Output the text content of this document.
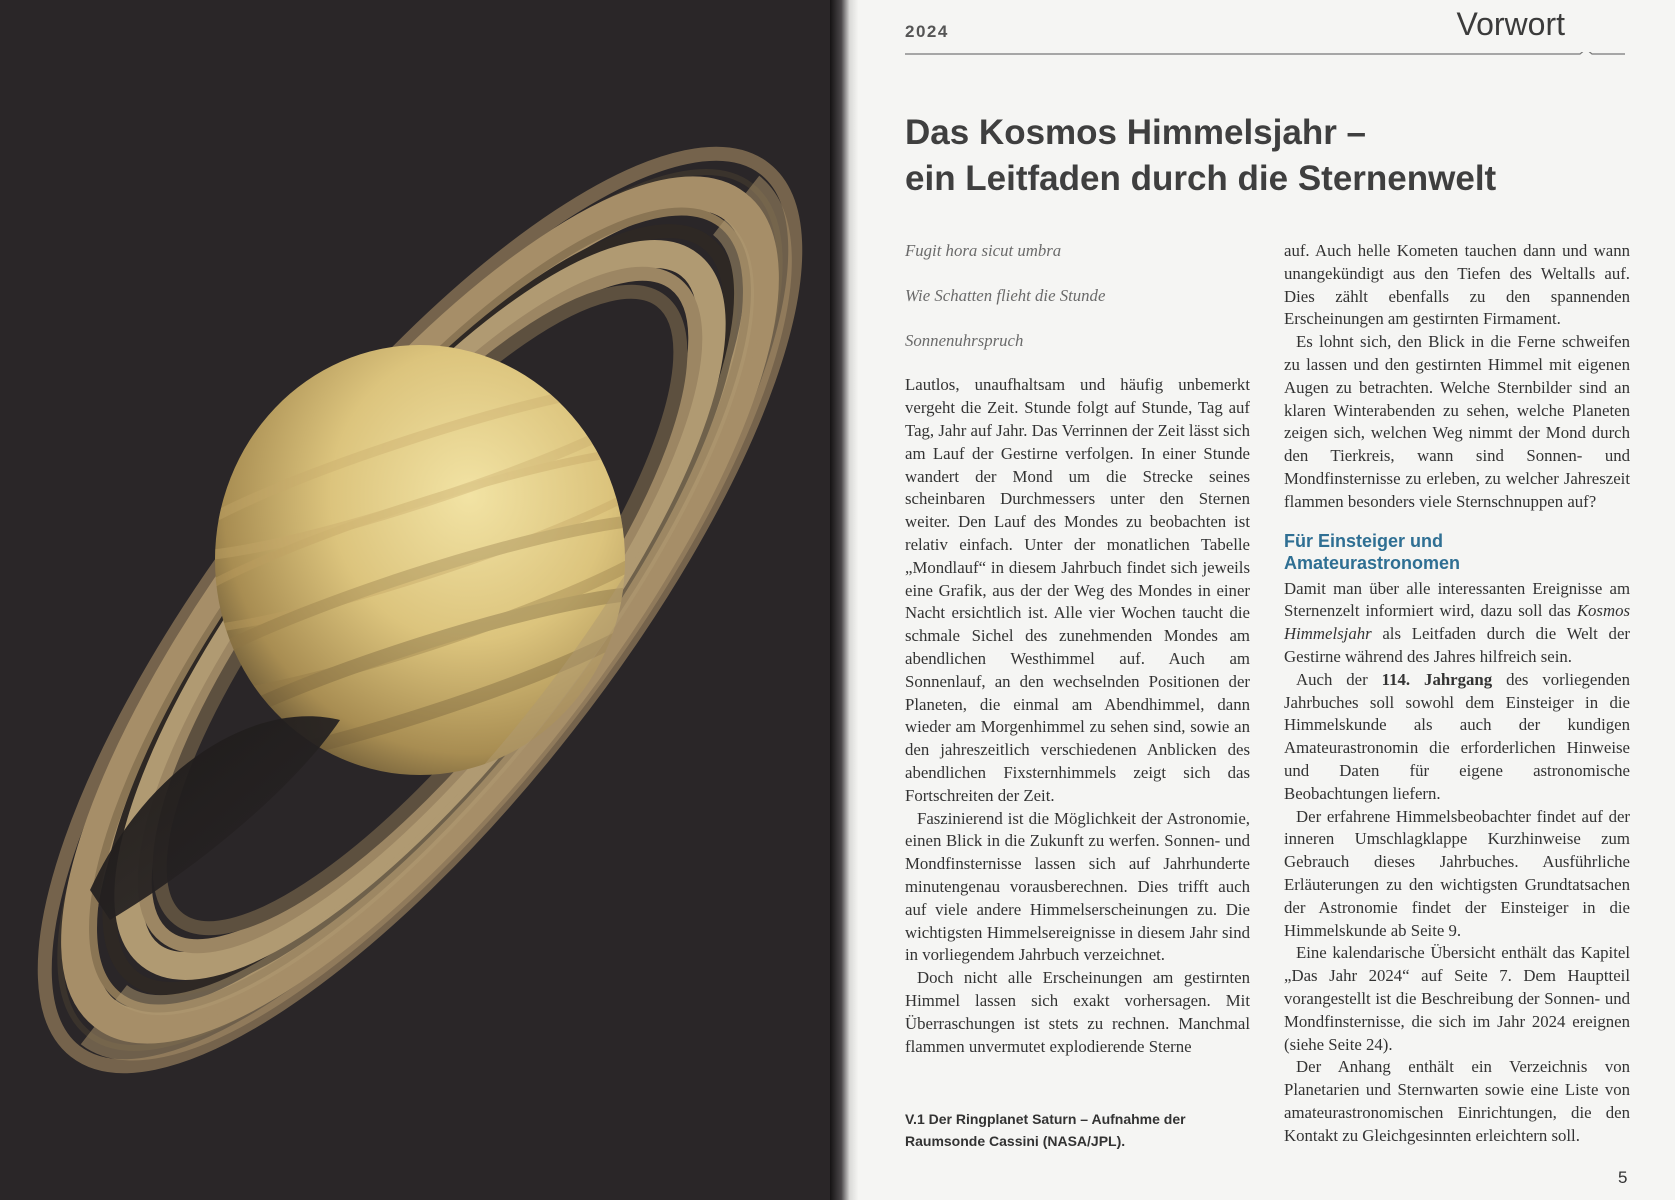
2024	Vorwort
Das Kosmos Himmelsjahr –
ein Leitfaden durch die Sternenwelt

Fugit hora sicut umbra

Wie Schatten flieht die Stunde

Sonnenuhrspruch

Lautlos, unaufhaltsam und häufig unbemerkt vergeht die Zeit. Stunde folgt auf Stunde, Tag auf Tag, Jahr auf Jahr. Das Verrinnen der Zeit lässt sich am Lauf der Gestirne verfolgen. In einer Stunde wandert der Mond um die Strecke seines scheinbaren Durchmessers unter den Sternen weiter. Den Lauf des Mondes zu beobachten ist relativ einfach. Unter der monatlichen Tabelle „Mondlauf“ in diesem Jahrbuch findet sich jeweils eine Grafik, aus der der Weg des Mondes in einer Nacht ersichtlich ist. Alle vier Wochen taucht die schmale Sichel des zunehmenden Mondes am abendlichen Westhimmel auf. Auch am Sonnenlauf, an den wechselnden Positionen der Planeten, die einmal am Abendhimmel, dann wieder am Morgenhimmel zu sehen sind, sowie an den jahreszeitlich verschiedenen Anblicken des abendlichen Fixsternhimmels zeigt sich das Fortschreiten der Zeit.

Faszinierend ist die Möglichkeit der Astronomie, einen Blick in die Zukunft zu werfen. Sonnen- und Mondfinsternisse lassen sich auf Jahrhunderte minutengenau vorausberechnen. Dies trifft auch auf viele andere Himmelserscheinungen zu. Die wichtigsten Himmelsereignisse in diesem Jahr sind in vorliegendem Jahrbuch verzeichnet.

Doch nicht alle Erscheinungen am gestirnten Himmel lassen sich exakt vorhersagen. Mit Überraschungen ist stets zu rechnen. Manchmal flammen unvermutet explodierende Sterne

auf. Auch helle Kometen tauchen dann und wann unangekündigt aus den Tiefen des Weltalls auf. Dies zählt ebenfalls zu den spannenden Erscheinungen am gestirnten Firmament.

Es lohnt sich, den Blick in die Ferne schweifen zu lassen und den gestirnten Himmel mit eigenen Augen zu betrachten. Welche Sternbilder sind an klaren Winterabenden zu sehen, welche Planeten zeigen sich, welchen Weg nimmt der Mond durch den Tierkreis, wann sind Sonnen- und Mondfinsternisse zu erleben, zu welcher Jahreszeit flammen besonders viele Sternschnuppen auf?

Für Einsteiger und
Amateurastronomen

Damit man über alle interessanten Ereignisse am Sternenzelt informiert wird, dazu soll das Kosmos Himmelsjahr als Leitfaden durch die Welt der Gestirne während des Jahres hilfreich sein.

Auch der 114. Jahrgang des vorliegenden Jahrbuches soll sowohl dem Einsteiger in die Himmelskunde als auch der kundigen Amateurastronomin die erforderlichen Hinweise und Daten für eigene astronomische Beobachtungen liefern.

Der erfahrene Himmelsbeobachter findet auf der inneren Umschlagklappe Kurzhinweise zum Gebrauch dieses Jahrbuches. Ausführliche Erläuterungen zu den wichtigsten Grundtatsachen der Astronomie findet der Einsteiger in die Himmelskunde ab Seite 9.

Eine kalendarische Übersicht enthält das Kapitel „Das Jahr 2024“ auf Seite 7. Dem Hauptteil vorangestellt ist die Beschreibung der Sonnen- und Mondfinsternisse, die sich im Jahr 2024 ereignen (siehe Seite 24).

Der Anhang enthält ein Verzeichnis von Planetarien und Sternwarten sowie eine Liste von amateurastronomischen Einrichtungen, die den Kontakt zu Gleichgesinnten erleichtern soll.

V.1 Der Ringplanet Saturn – Aufnahme der Raumsonde Cassini (NASA/JPL).
5
